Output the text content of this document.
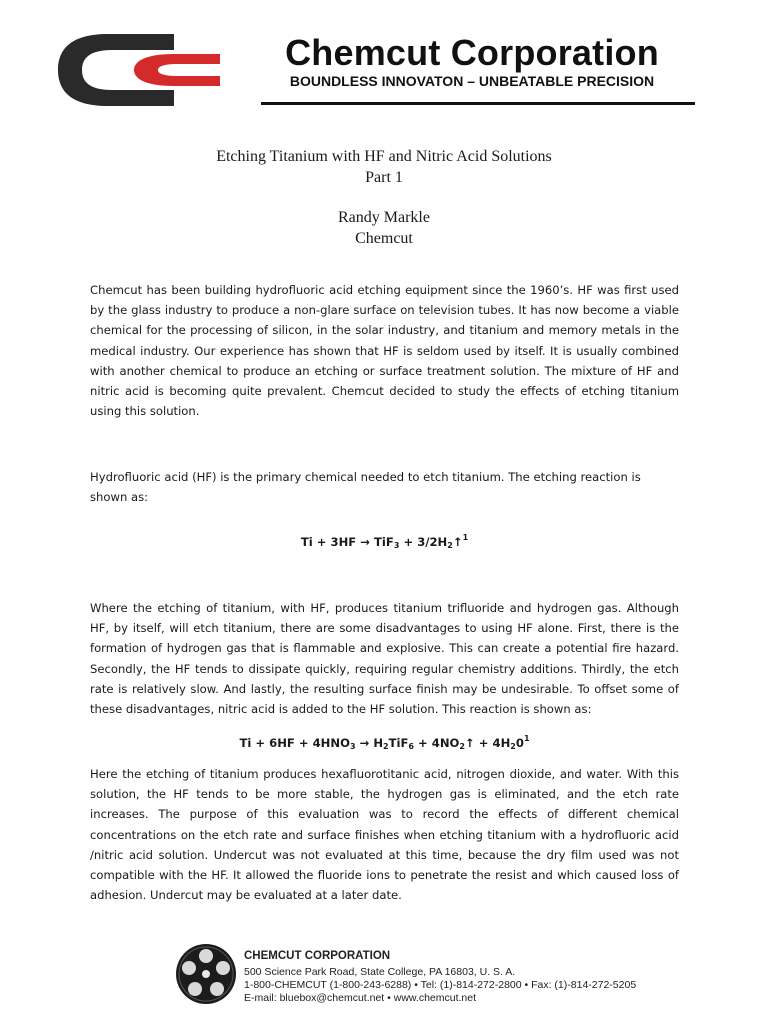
Chemcut Corporation
BOUNDLESS INNOVATON – UNBEATABLE PRECISION
Etching Titanium with HF and Nitric Acid Solutions
Part 1
Randy Markle
Chemcut
Chemcut has been building hydrofluoric acid etching equipment since the 1960’s. HF was first used by the glass industry to produce a non-glare surface on television tubes. It has now become a viable chemical for the processing of silicon, in the solar industry, and titanium and memory metals in the medical industry. Our experience has shown that HF is seldom used by itself. It is usually combined with another chemical to produce an etching or surface treatment solution. The mixture of HF and nitric acid is becoming quite prevalent. Chemcut decided to study the effects of etching titanium using this solution.
Hydrofluoric acid (HF) is the primary chemical needed to etch titanium. The etching reaction is shown as:
$Ti + 3HF \to TiF_3 + 3/2H_2↑^1$
Where the etching of titanium, with HF, produces titanium trifluoride and hydrogen gas. Although HF, by itself, will etch titanium, there are some disadvantages to using HF alone. First, there is the formation of hydrogen gas that is flammable and explosive. This can create a potential fire hazard. Secondly, the HF tends to dissipate quickly, requiring regular chemistry additions. Thirdly, the etch rate is relatively slow. And lastly, the resulting surface finish may be undesirable. To offset some of these disadvantages, nitric acid is added to the HF solution. This reaction is shown as:
$Ti + 6HF + 4HNO_3 \to H_2TiF_6$ + $4NO_2↑ + 4H_20^1$
Here the etching of titanium produces hexafluorotitanic acid, nitrogen dioxide, and water. With this solution, the HF tends to be more stable, the hydrogen gas is eliminated, and the etch rate increases. The purpose of this evaluation was to record the effects of different chemical concentrations on the etch rate and surface finishes when etching titanium with a hydrofluoric acid /nitric acid solution. Undercut was not evaluated at this time, because the dry film used was not compatible with the HF. It allowed the fluoride ions to penetrate the resist and which caused loss of adhesion. Undercut may be evaluated at a later date.
CHEMCUT CORPORATION
500 Science Park Road, State College, PA 16803, U. S. A.
1-800-CHEMCUT (1-800-243-6288) • Tel: (1)-814-272-2800 • Fax: (1)-814-272-5205
E-mail: bluebox@chemcut.net • www.chemcut.net
